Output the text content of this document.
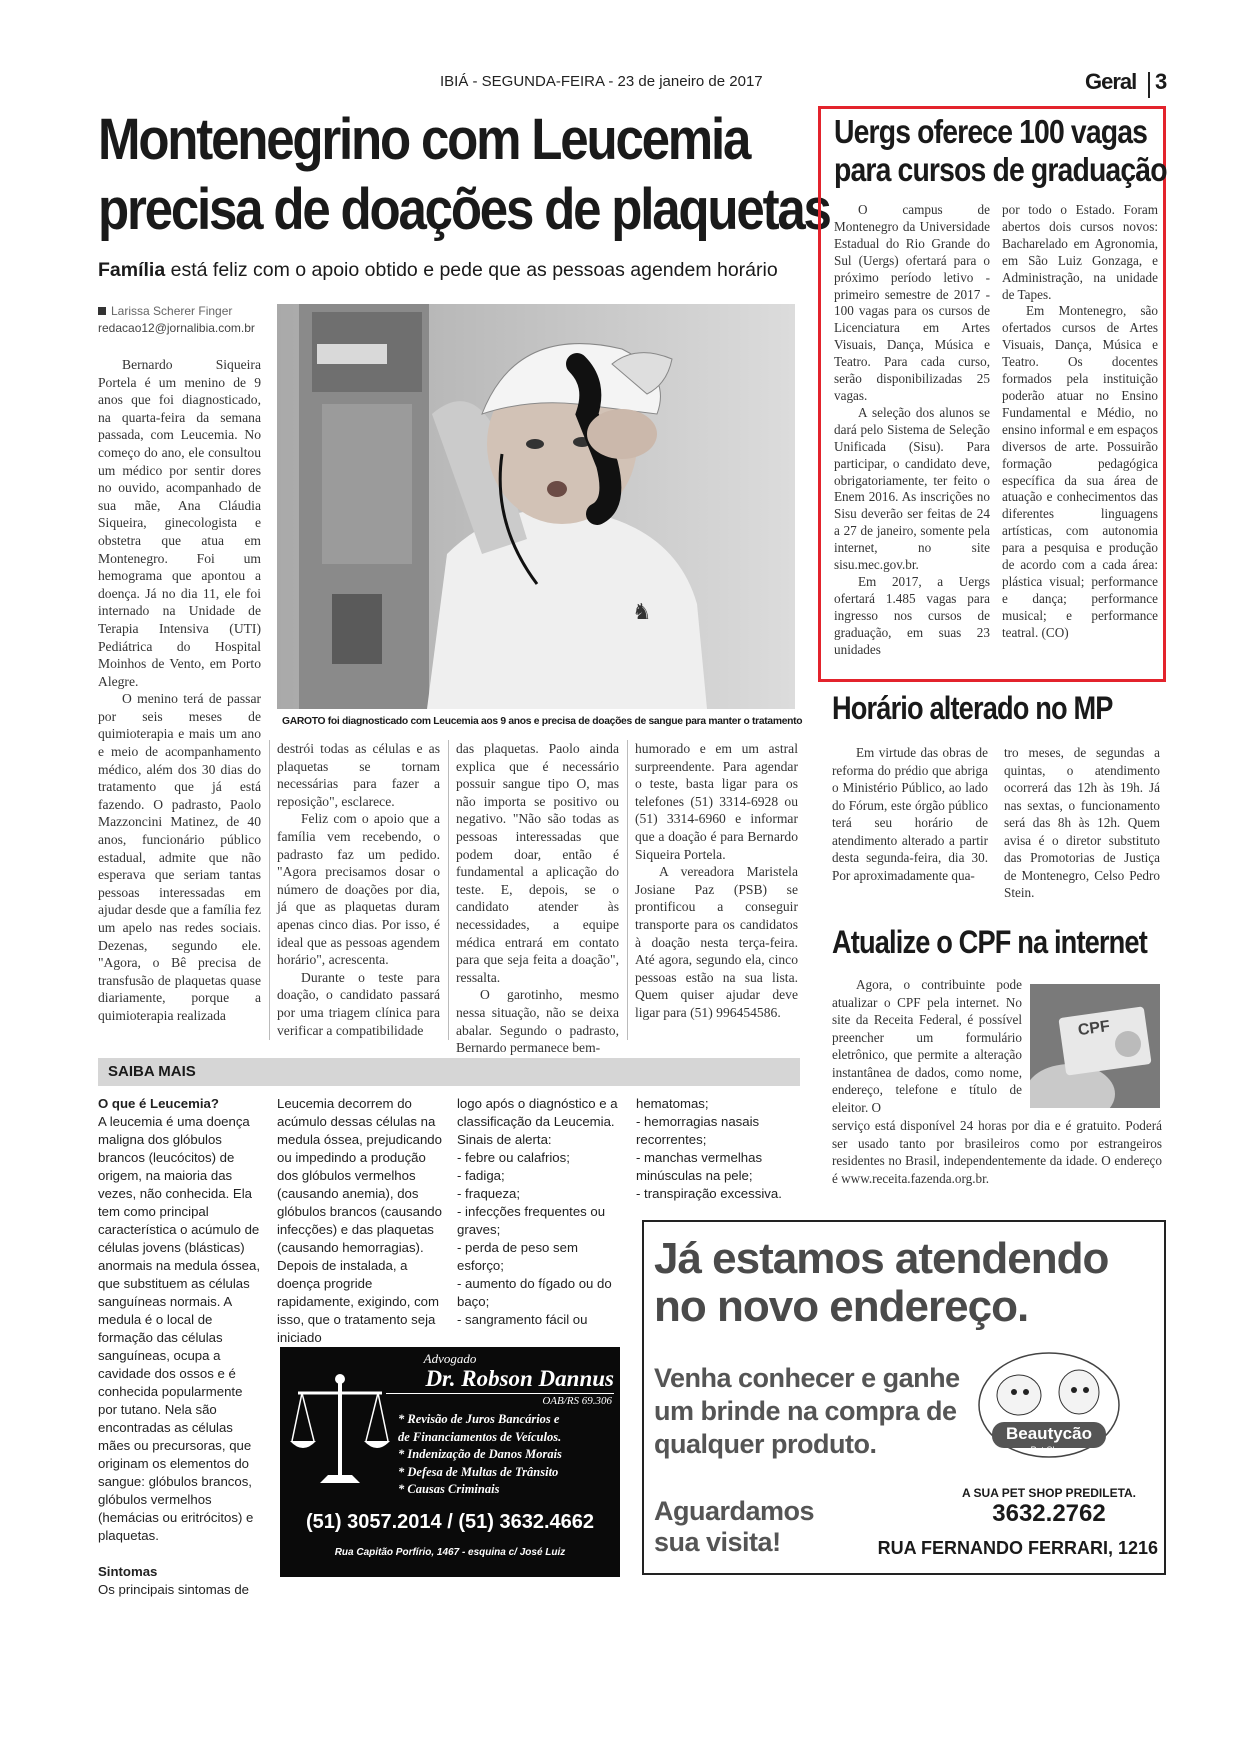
IBIÁ - SEGUNDA-FEIRA - 23 de janeiro de 2017	Geral 3
Montenegrino com Leucemia
precisa de doações de plaquetas
Família está feliz com o apoio obtido e pede que as pessoas agendem horário
Larissa Scherer Finger
redacao12@jornalibia.com.br
♞
GAROTO foi diagnosticado com Leucemia aos 9 anos e precisa de doações de sangue para manter o tratamento

Bernardo Siqueira Portela é um menino de 9 anos que foi diagnosticado, na quarta-feira da semana passada, com Leucemia. No começo do ano, ele consultou um médico por sentir dores no ouvido, acompanhado de sua mãe, Ana Cláudia Siqueira, ginecologista e obstetra que atua em Montenegro. Foi um hemograma que apontou a doença. Já no dia 11, ele foi internado na Unidade de Terapia Intensiva (UTI) Pediátrica do Hospital Moinhos de Vento, em Porto Alegre.

O menino terá de passar por seis meses de quimioterapia e mais um ano e meio de acompanhamento médico, além dos 30 dias do tratamento que já está fazendo. O padrasto, Paolo Mazzoncini Matinez, de 40 anos, funcionário público estadual, admite que não esperava que seriam tantas pessoas interessadas em ajudar desde que a família fez um apelo nas redes sociais. Dezenas, segundo ele. "Agora, o Bê precisa de transfusão de plaquetas quase diariamente, porque a quimioterapia realizada

destrói todas as células e as plaquetas se tornam necessárias para fazer a reposição", esclarece.

Feliz com o apoio que a família vem recebendo, o padrasto faz um pedido. "Agora precisamos dosar o número de doações por dia, já que as plaquetas duram apenas cinco dias. Por isso, é ideal que as pessoas agendem horário", acrescenta.

Durante o teste para doação, o candidato passará por uma triagem clínica para verificar a compatibilidade

das plaquetas. Paolo ainda explica que é necessário possuir sangue tipo O, mas não importa se positivo ou negativo. "Não são todas as pessoas interessadas que podem doar, então é fundamental a aplicação do teste. E, depois, se o candidato atender às necessidades, a equipe médica entrará em contato para que seja feita a doação", ressalta.

O garotinho, mesmo nessa situação, não se deixa abalar. Segundo o padrasto, Bernardo permanece bem-

humorado e em um astral surpreendente. Para agendar o teste, basta ligar para os telefones (51) 3314-6928 ou (51) 3314-6960 e informar que a doação é para Bernardo Siqueira Portela.

A vereadora Maristela Josiane Paz (PSB) se prontificou a conseguir transporte para os candidatos à doação nesta terça-feira. Até agora, segundo ela, cinco pessoas estão na sua lista. Quem quiser ajudar deve ligar para (51) 996454586.

SAIBA MAIS
O que é Leucemia?
A leucemia é uma doença maligna dos glóbulos brancos (leucócitos) de origem, na maioria das vezes, não conhecida. Ela tem como principal característica o acúmulo de células jovens (blásticas) anormais na medula óssea, que substituem as células sanguíneas normais. A medula é o local de formação das células sanguíneas, ocupa a cavidade dos ossos e é conhecida popularmente por tutano. Nela são encontradas as células mães ou precursoras, que originam os elementos do sangue: glóbulos brancos, glóbulos vermelhos (hemácias ou eritrócitos) e plaquetas.
Sintomas
Os principais sintomas de
Leucemia decorrem do acúmulo dessas células na medula óssea, prejudicando ou impedindo a produção dos glóbulos vermelhos (causando anemia), dos glóbulos brancos (causando infecções) e das plaquetas (causando hemorragias). Depois de instalada, a doença progride rapidamente, exigindo, com isso, que o tratamento seja iniciado
logo após o diagnóstico e a classificação da Leucemia.
Sinais de alerta:
- febre ou calafrios;
- fadiga;
- fraqueza;
- infecções frequentes ou graves;
- perda de peso sem esforço;
- aumento do fígado ou do baço;
- sangramento fácil ou
hematomas;
- hemorragias nasais recorrentes;
- manchas vermelhas minúsculas na pele;
- transpiração excessiva.
Advogado
Dr. Robson Dannus
OAB/RS 69.306
* Revisão de Juros Bancários e
de Financiamentos de Veículos.
* Indenização de Danos Morais
* Defesa de Multas de Trânsito
* Causas Criminais
(51) 3057.2014 / (51) 3632.4662
Rua Capitão Porfírio, 1467 - esquina c/ José Luiz
Uergs oferece 100 vagas
para cursos de graduação

O campus de Montenegro da Universidade Estadual do Rio Grande do Sul (Uergs) ofertará para o próximo período letivo - primeiro semestre de 2017 - 100 vagas para os cursos de Licenciatura em Artes Visuais, Dança, Música e Teatro. Para cada curso, serão disponibilizadas 25 vagas.

A seleção dos alunos se dará pelo Sistema de Seleção Unificada (Sisu). Para participar, o candidato deve, obrigatoriamente, ter feito o Enem 2016. As inscrições no Sisu deverão ser feitas de 24 a 27 de janeiro, somente pela internet, no site sisu.mec.gov.br.

Em 2017, a Uergs ofertará 1.485 vagas para ingresso nos cursos de graduação, em suas 23 unidades

por todo o Estado. Foram abertos dois cursos novos: Bacharelado em Agronomia, em São Luiz Gonzaga, e Administração, na unidade de Tapes.

Em Montenegro, são ofertados cursos de Artes Visuais, Dança, Música e Teatro. Os docentes formados pela instituição poderão atuar no Ensino Fundamental e Médio, no ensino informal e em espaços diversos de arte. Possuirão formação pedagógica específica da sua área de atuação e conhecimentos das diferentes linguagens artísticas, com autonomia para a pesquisa e produção de acordo com a cada área: plástica visual; performance e dança; performance musical; e performance teatral. (CO)

Horário alterado no MP

Em virtude das obras de reforma do prédio que abriga o Ministério Público, ao lado do Fórum, este órgão público terá seu horário de atendimento alterado a partir desta segunda-feira, dia 30. Por aproximadamente qua-

tro meses, de segundas a quintas, o atendimento ocorrerá das 12h às 19h. Já nas sextas, o funcionamento será das 8h às 12h. Quem avisa é o diretor substituto das Promotorias de Justiça de Montenegro, Celso Pedro Stein.

Atualize o CPF na internet

Agora, o contribuinte pode atualizar o CPF pela internet. No site da Receita Federal, é possível preencher um formulário eletrônico, que permite a alteração instantânea de dados, como nome, endereço, telefone e título de eleitor. O

CPF

serviço está disponível 24 horas por dia e é gratuito. Poderá ser usado tanto por brasileiros como por estrangeiros residentes no Brasil, independentemente da idade. O endereço é www.receita.fazenda.org.br.

Já estamos atendendo
no novo endereço.
Venha conhecer e ganhe
um brinde na compra de
qualquer produto.
Aguardamos
sua visita!
Beautycão
Pet Shop
A SUA PET SHOP PREDILETA.
3632.2762
RUA FERNANDO FERRARI, 1216
